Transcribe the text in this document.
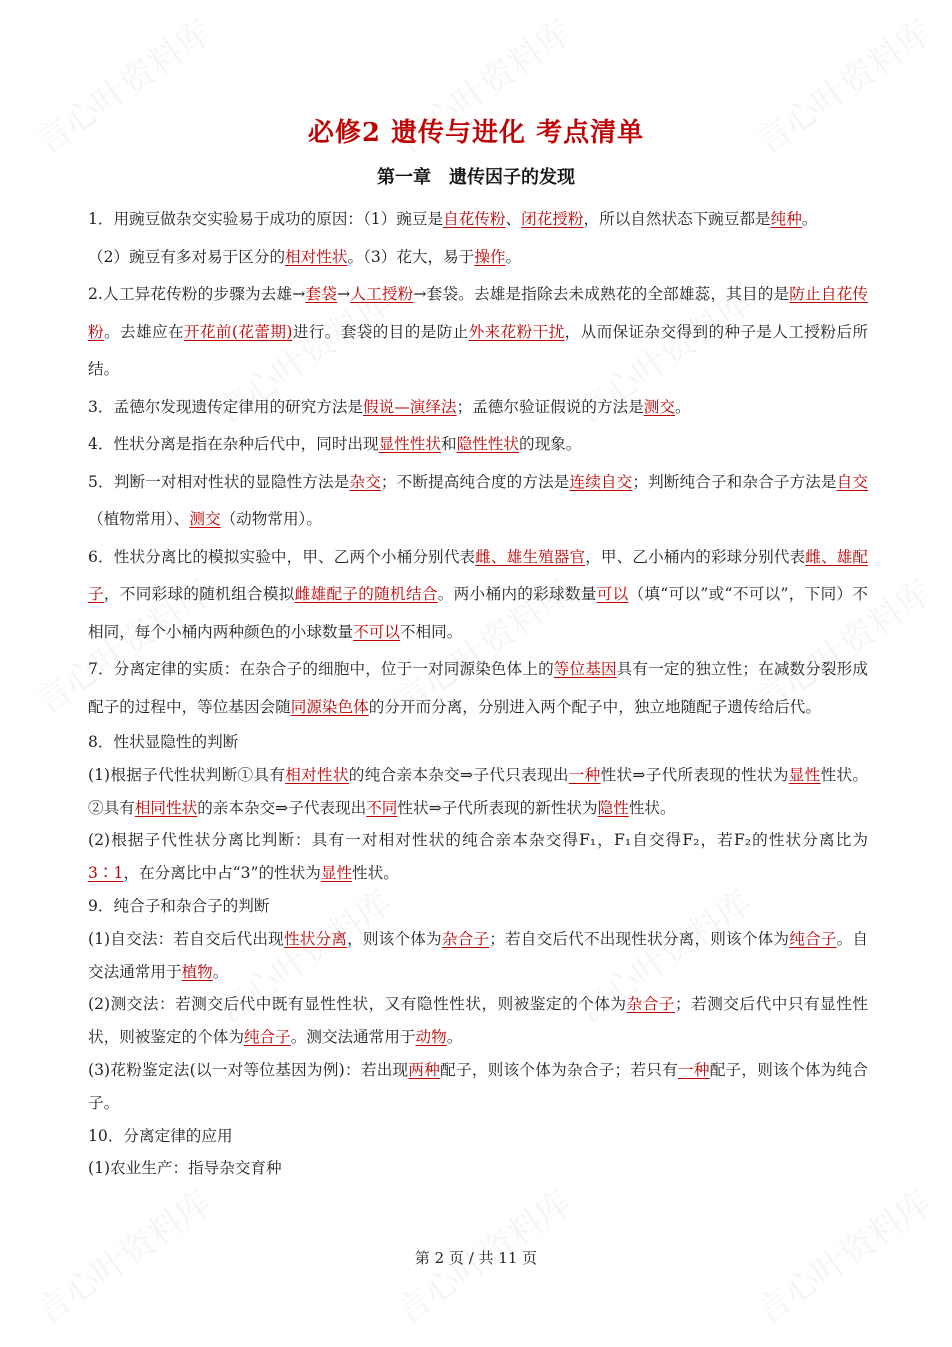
必修2 遗传与进化 考点清单
第一章　遗传因子的发现

1．用豌豆做杂交实验易于成功的原因：（1）豌豆是自花传粉、闭花授粉，所以自然状态下豌豆都是纯种。

（2）豌豆有多对易于区分的相对性状。（3）花大，易于操作。

2.人工异花传粉的步骤为去雄→套袋→人工授粉→套袋。去雄是指除去未成熟花的全部雄蕊，其目的是防止自花传粉。去雄应在开花前(花蕾期)进行。套袋的目的是防止外来花粉干扰，从而保证杂交得到的种子是人工授粉后所结。

3．孟德尔发现遗传定律用的研究方法是假说—演绎法；孟德尔验证假说的方法是测交。

4．性状分离是指在杂种后代中，同时出现显性性状和隐性性状的现象。

5．判断一对相对性状的显隐性方法是杂交；不断提高纯合度的方法是连续自交；判断纯合子和杂合子方法是自交（植物常用）、测交（动物常用）。

6．性状分离比的模拟实验中，甲、乙两个小桶分别代表雌、雄生殖器官，甲、乙小桶内的彩球分别代表雌、雄配子，不同彩球的随机组合模拟雌雄配子的随机结合。两小桶内的彩球数量可以（填“可以”或“不可以”，下同）不相同，每个小桶内两种颜色的小球数量不可以不相同。

7．分离定律的实质：在杂合子的细胞中，位于一对同源染色体上的等位基因具有一定的独立性；在减数分裂形成配子的过程中，等位基因会随同源染色体的分开而分离，分别进入两个配子中，独立地随配子遗传给后代。

8．性状显隐性的判断

(1)根据子代性状判断①具有相对性状的纯合亲本杂交⇒子代只表现出一种性状⇒子代所表现的性状为显性性状。②具有相同性状的亲本杂交⇒子代表现出不同性状⇒子代所表现的新性状为隐性性状。

(2)根据子代性状分离比判断：具有一对相对性状的纯合亲本杂交得F₁，F₁自交得F₂，若F₂的性状分离比为3∶1，在分离比中占“3”的性状为显性性状。

9．纯合子和杂合子的判断

(1)自交法：若自交后代出现性状分离，则该个体为杂合子；若自交后代不出现性状分离，则该个体为纯合子。自交法通常用于植物。

(2)测交法：若测交后代中既有显性性状，又有隐性性状，则被鉴定的个体为杂合子；若测交后代中只有显性性状，则被鉴定的个体为纯合子。测交法通常用于动物。

(3)花粉鉴定法(以一对等位基因为例)：若出现两种配子，则该个体为杂合子；若只有一种配子，则该个体为纯合子。

10．分离定律的应用

(1)农业生产：指导杂交育种

第 2 页 / 共 11 页
